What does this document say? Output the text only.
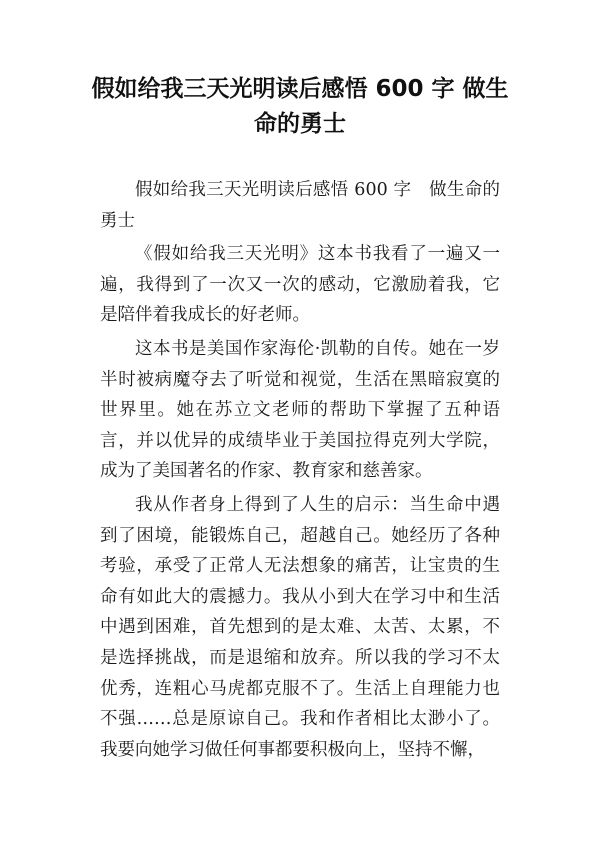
假如给我三天光明读后感悟 600 字 做生命的勇士

假如给我三天光明读后感悟 600 字　做生命的勇士

《假如给我三天光明》这本书我看了一遍又一遍，我得到了一次又一次的感动，它激励着我，它是陪伴着我成长的好老师。

这本书是美国作家海伦·凯勒的自传。她在一岁半时被病魔夺去了听觉和视觉，生活在黑暗寂寞的世界里。她在苏立文老师的帮助下掌握了五种语言，并以优异的成绩毕业于美国拉得克列大学院，成为了美国著名的作家、教育家和慈善家。

我从作者身上得到了人生的启示：当生命中遇到了困境，能锻炼自己，超越自己。她经历了各种考验，承受了正常人无法想象的痛苦，让宝贵的生命有如此大的震撼力。我从小到大在学习中和生活中遇到困难，首先想到的是太难、太苦、太累，不是选择挑战，而是退缩和放弃。所以我的学习不太优秀，连粗心马虎都克服不了。生活上自理能力也不强……总是原谅自己。我和作者相比太渺小了。我要向她学习做任何事都要积极向上，坚持不懈，
